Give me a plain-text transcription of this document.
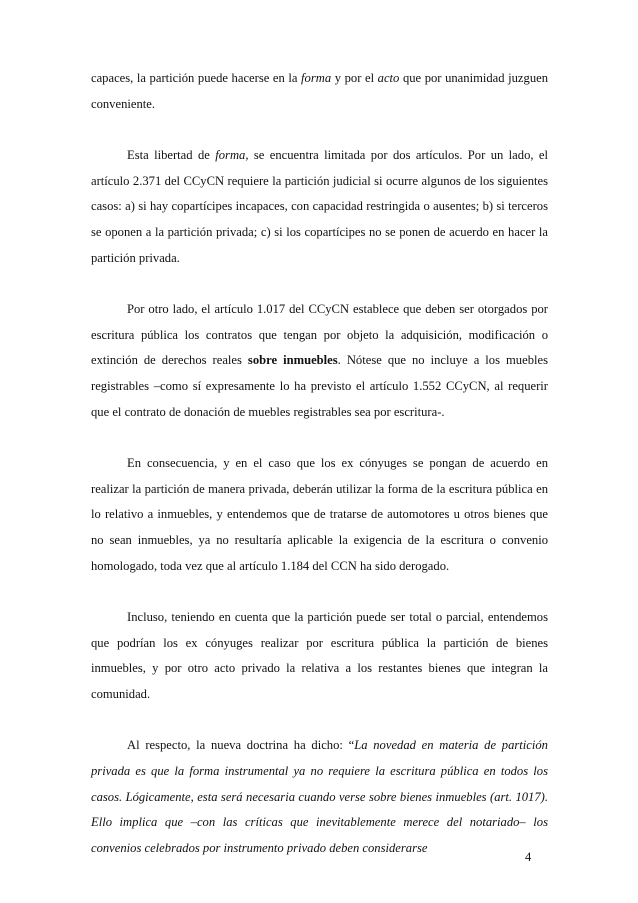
capaces, la partición puede hacerse en la forma y por el acto que por unanimidad juzguen conveniente.

Esta libertad de forma, se encuentra limitada por dos artículos. Por un lado, el artículo 2.371 del CCyCN requiere la partición judicial si ocurre algunos de los siguientes casos: a) si hay copartícipes incapaces, con capacidad restringida o ausentes; b) si terceros se oponen a la partición privada; c) si los copartícipes no se ponen de acuerdo en hacer la partición privada.

Por otro lado, el artículo 1.017 del CCyCN establece que deben ser otorgados por escritura pública los contratos que tengan por objeto la adquisición, modificación o extinción de derechos reales sobre inmuebles. Nótese que no incluye a los muebles registrables –como sí expresamente lo ha previsto el artículo 1.552 CCyCN, al requerir que el contrato de donación de muebles registrables sea por escritura-.

En consecuencia, y en el caso que los ex cónyuges se pongan de acuerdo en realizar la partición de manera privada, deberán utilizar la forma de la escritura pública en lo relativo a inmuebles, y entendemos que de tratarse de automotores u otros bienes que no sean inmuebles, ya no resultaría aplicable la exigencia de la escritura o convenio homologado, toda vez que al artículo 1.184 del CCN ha sido derogado.

Incluso, teniendo en cuenta que la partición puede ser total o parcial, entendemos que podrían los ex cónyuges realizar por escritura pública la partición de bienes inmuebles, y por otro acto privado la relativa a los restantes bienes que integran la comunidad.

Al respecto, la nueva doctrina ha dicho: “La novedad en materia de partición privada es que la forma instrumental ya no requiere la escritura pública en todos los casos. Lógicamente, esta será necesaria cuando verse sobre bienes inmuebles (art. 1017). Ello implica que –con las críticas que inevitablemente merece del notariado– los convenios celebrados por instrumento privado deben considerarse

4
